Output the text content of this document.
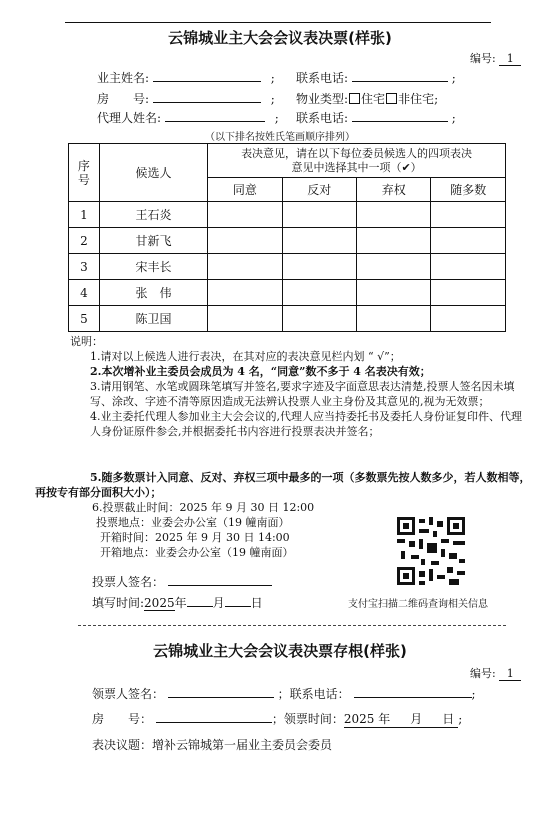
云锦城业主大会会议表决票(样张)
编号: 1
业主姓名:	; 联系电话:	;
房　　号:	; 物业类型: 住宅 非住宅;
代理人姓名:	; 联系电话:	;
（以下排名按姓氏笔画顺序排列）
序号	候选人	表决意见，请在以下每位委员候选人的四项表决
意见中选择其中一项（✔）			

		同意	反对	弃权	随多数
1	王石炎				
2	甘新飞				
3	宋丰长				
4	张　伟				
5	陈卫国				
说明：
1.请对以上候选人进行表决，在其对应的表决意见栏内划 “ √”；
2.本次增补业主委员会成员为 4 名，“同意”数不多于 4 名表决有效；
3.请用钢笔、水笔或圆珠笔填写并签名,要求字迹及字面意思表达清楚,投票人签名因未填写、涂改、字迹不清等原因造成无法辨认投票人业主身份及其意见的,视为无效票；
4.业主委托代理人参加业主大会会议的,代理人应当持委托书及委托人身份证复印件、代理人身份证原件参会,并根据委托书内容进行投票表决并签名；
5.随多数票计入同意、反对、弃权三项中最多的一项（多数票先按人数多少，若人数相等，再按专有部分面积大小）；
6.投票截止时间：2025 年 9 月 30 日 12:00
投票地点：业委会办公室（19 幢南面）
开箱时间：2025 年 9 月 30 日 14:00
开箱地点：业委会办公室（19 幢南面）
支付宝扫描二维码查询相关信息
投票人签名：
填写时间:2025年 月 日
云锦城业主大会会议表决票存根(样张)
编号: 1
领票人签名：	；联系电话：	;
房　　号：	；领票时间：2025 年 月 日 ;
表决议题：增补云锦城第一届业主委员会委员
